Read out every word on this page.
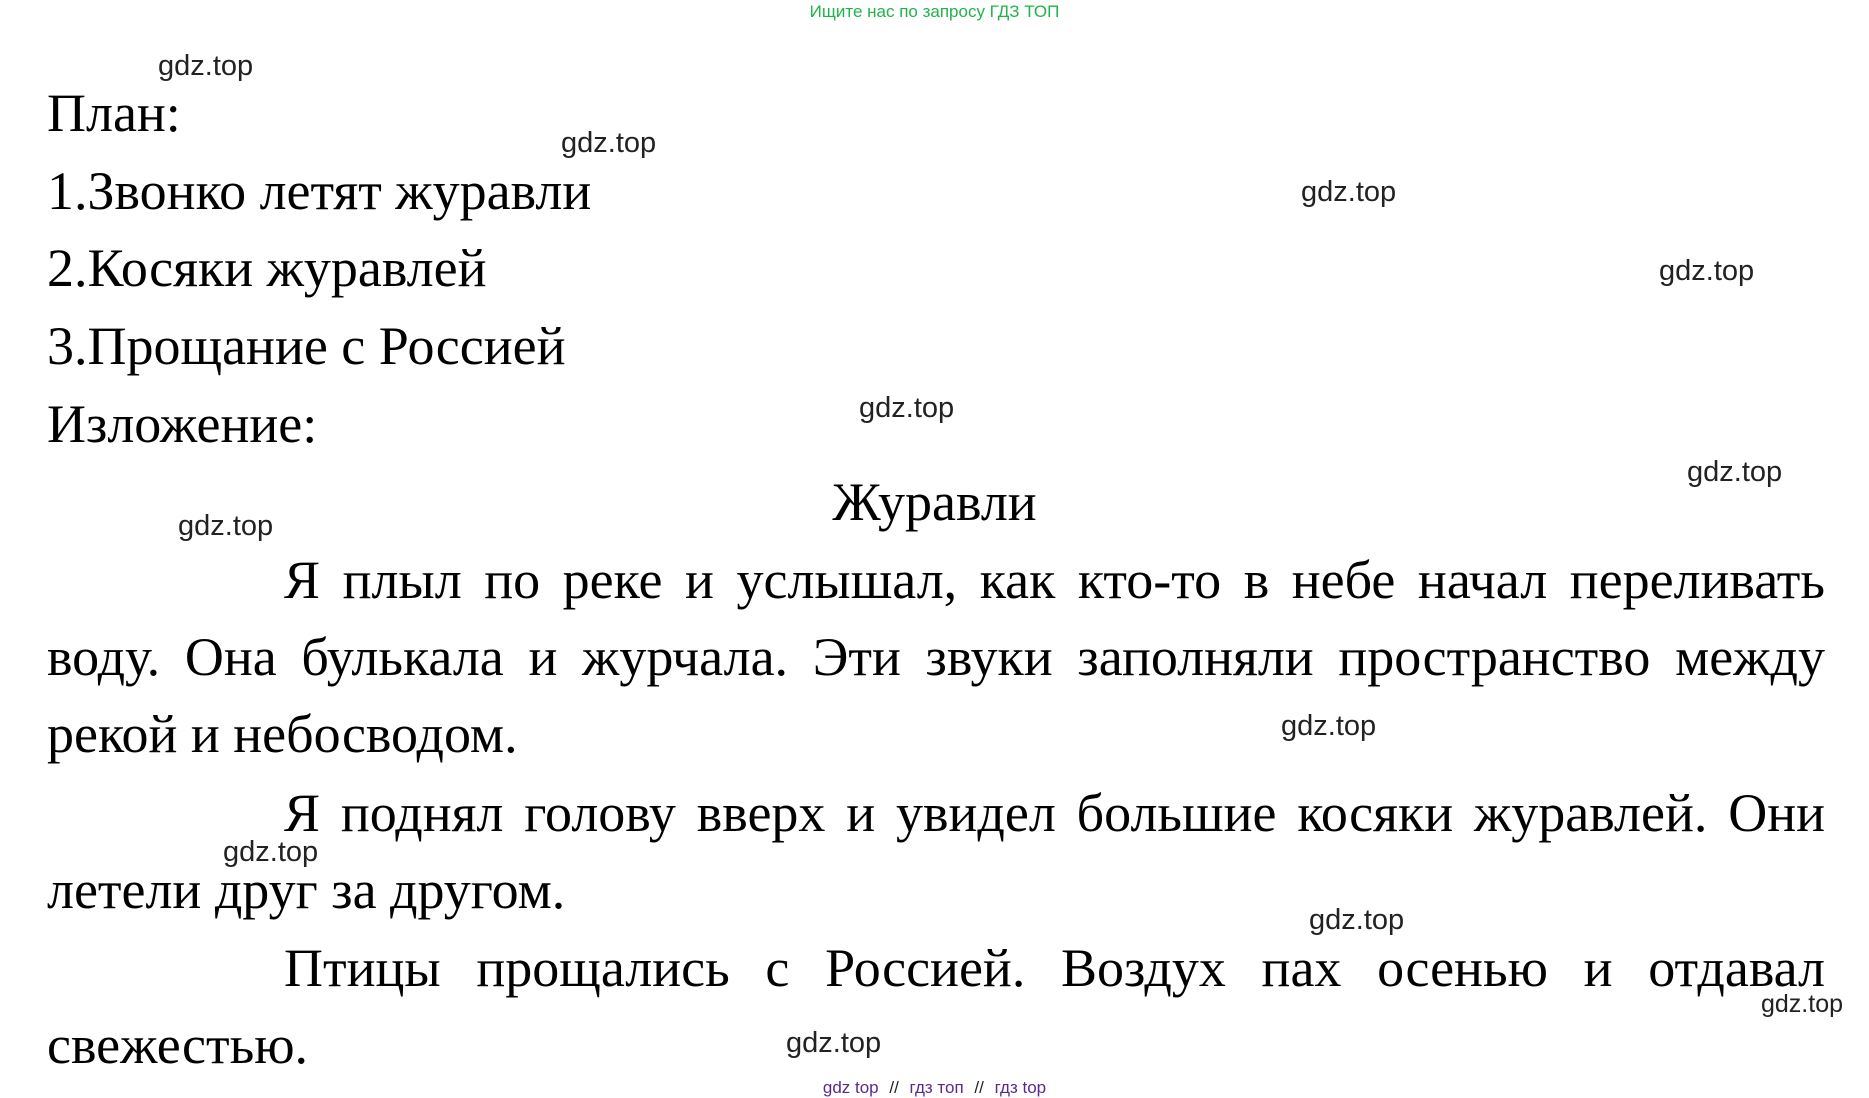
Ищите нас по запросу ГДЗ ТОП
План:
1.Звонко летят журавли
2.Косяки журавлей
3.Прощание с Россией
Изложение:
Журавли

Я плыл по реке и услышал, как кто-то в небе начал переливать воду. Она булькала и журчала. Эти звуки заполняли пространство между рекой и небосводом.

Я поднял голову вверх и увидел большие косяки журавлей. Они летели друг за другом.

Птицы прощались с Россией. Воздух пах осенью и отдавал свежестью.

gdz.top
gdz.top
gdz.top
gdz.top
gdz.top
gdz.top
gdz.top
gdz.top
gdz.top
gdz.top
gdz.top
gdz.top
gdz top // гдз топ // гдз top
